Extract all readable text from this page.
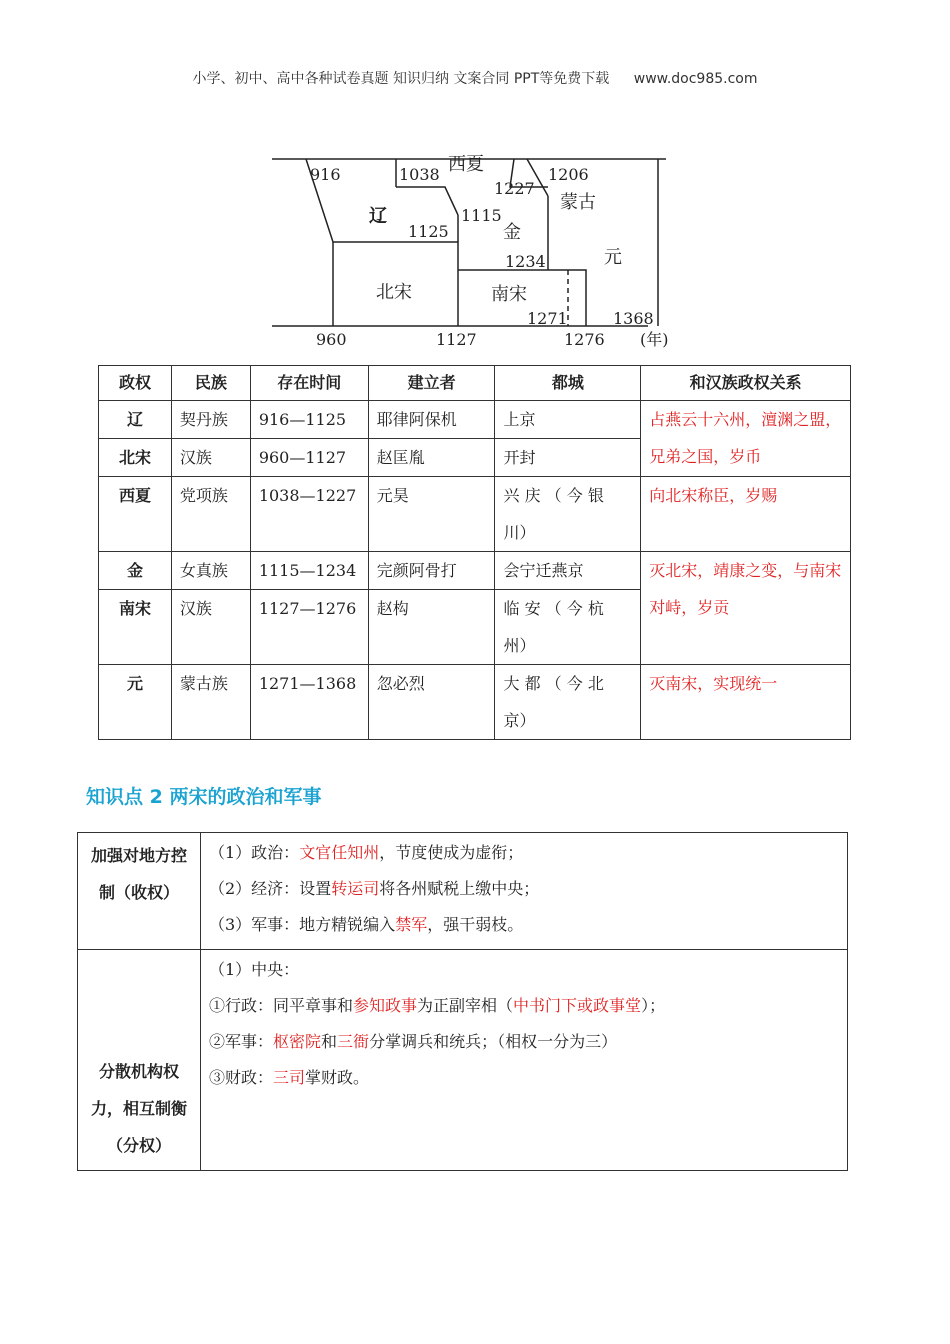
小学、初中、高中各种试卷真题 知识归纳 文案合同 PPT等免费下载 www.doc985.com
916	1038 西夏	1206
1227
蒙古
辽	1115
1125	金
1234	元
北宋	南宋
1271	1368
960	1127	1276 (年)
政权	民族	存在时间	建立者	都城	和汉族政权关系
辽	契丹族	916—1125	耶律阿保机	上京	占燕云十六州，澶渊之盟，兄弟之国，岁币
北宋	汉族	960—1127	赵匡胤	开封	
西夏	党项族	1038—1227	元昊	兴 庆 （ 今 银 川）	向北宋称臣，岁赐
金	女真族	1115—1234	完颜阿骨打	会宁迁燕京	灭北宋，靖康之变，与南宋对峙，岁贡
南宋	汉族	1127—1276	赵构	临 安 （ 今 杭 州）	
元	蒙古族	1271—1368	忽必烈	大 都 （ 今 北 京）	灭南宋，实现统一
知识点 2 两宋的政治和军事
加强对地方控制（收权）	（1）政治：文官任知州，节度使成为虚衔；
（2）经济：设置转运司将各州赋税上缴中央；
（3）军事：地方精锐编入禁军，强干弱枝。

分散机构权力，相互制衡（分权）	（1）中央：
①行政：同平章事和参知政事为正副宰相（中书门下或政事堂）；
②军事：枢密院和三衙分掌调兵和统兵；（相权一分为三）
③财政：三司掌财政。
